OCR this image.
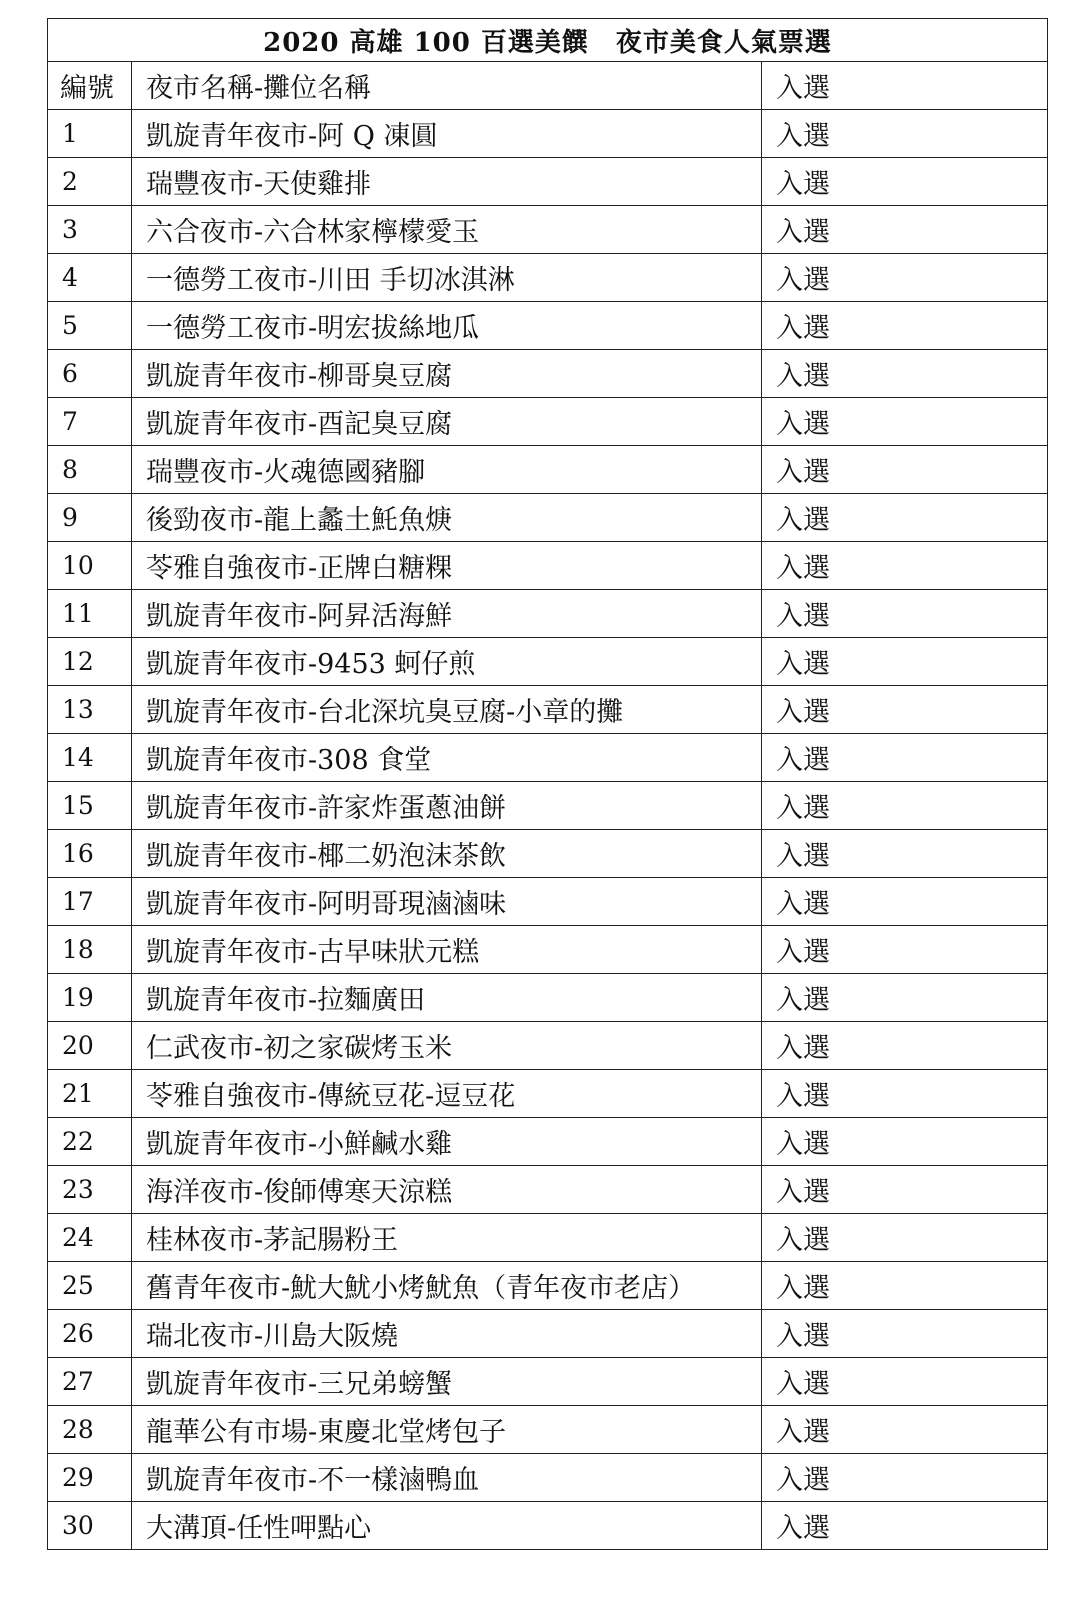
2020 高雄 100 百選美饌　夜市美食人氣票選		
編號	夜市名稱-攤位名稱	入選
1	凱旋青年夜市-阿 Q 凍圓	入選
2	瑞豐夜市-天使雞排	入選
3	六合夜市-六合林家檸檬愛玉	入選
4	一德勞工夜市-川田 手切冰淇淋	入選
5	一德勞工夜市-明宏拔絲地瓜	入選
6	凱旋青年夜市-柳哥臭豆腐	入選
7	凱旋青年夜市-酉記臭豆腐	入選
8	瑞豐夜市-火魂德國豬腳	入選
9	後勁夜市-龍上蠡土魠魚焿	入選
10	苓雅自強夜市-正牌白糖粿	入選
11	凱旋青年夜市-阿昇活海鮮	入選
12	凱旋青年夜市-9453 蚵仔煎	入選
13	凱旋青年夜市-台北深坑臭豆腐-小章的攤	入選
14	凱旋青年夜市-308 食堂	入選
15	凱旋青年夜市-許家炸蛋蔥油餅	入選
16	凱旋青年夜市-椰二奶泡沫茶飲	入選
17	凱旋青年夜市-阿明哥現滷滷味	入選
18	凱旋青年夜市-古早味狀元糕	入選
19	凱旋青年夜市-拉麵廣田	入選
20	仁武夜市-初之家碳烤玉米	入選
21	苓雅自強夜市-傳統豆花-逗豆花	入選
22	凱旋青年夜市-小鮮鹹水雞	入選
23	海洋夜市-俊師傅寒天涼糕	入選
24	桂林夜市-茅記腸粉王	入選
25	舊青年夜市-魷大魷小烤魷魚（青年夜市老店）	入選
26	瑞北夜市-川島大阪燒	入選
27	凱旋青年夜市-三兄弟螃蟹	入選
28	龍華公有市場-東慶北堂烤包子	入選
29	凱旋青年夜市-不一樣滷鴨血	入選
30	大溝頂-任性呷點心	入選
